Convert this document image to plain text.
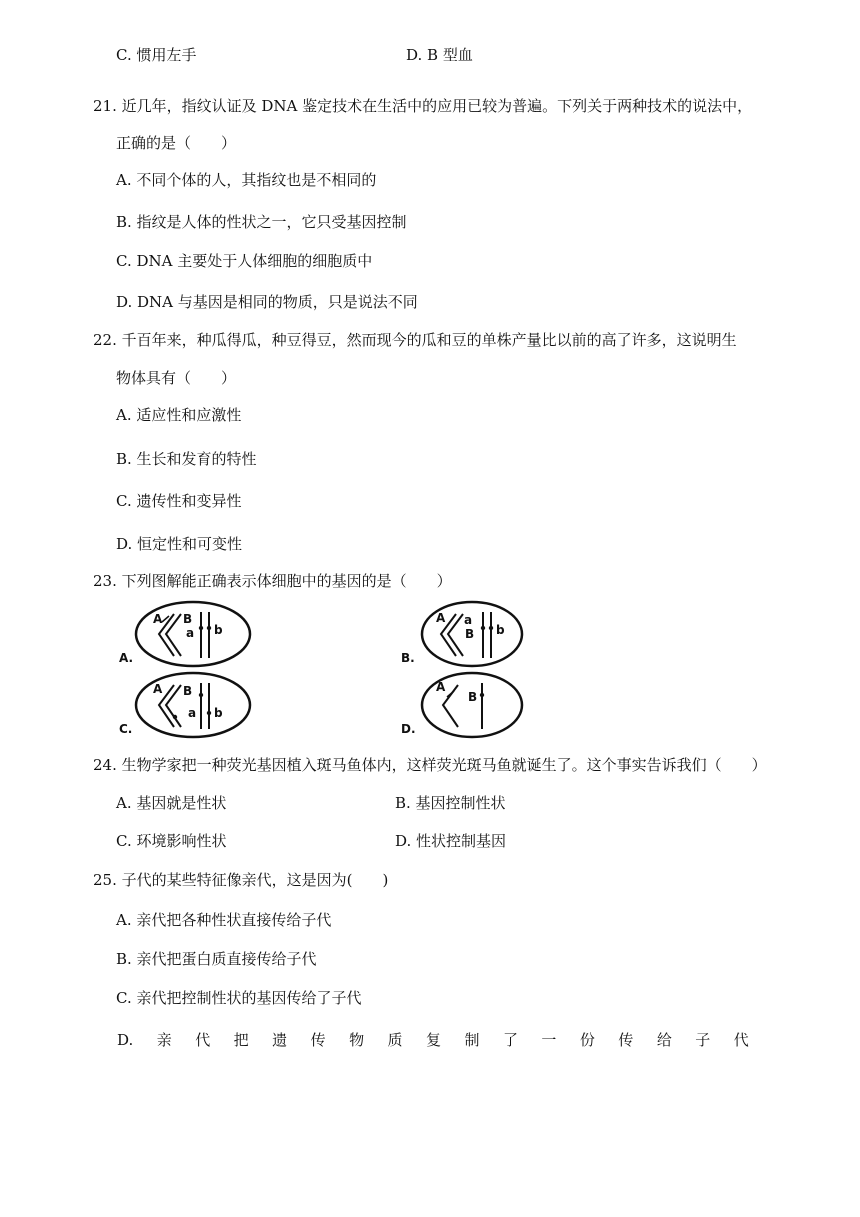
C. 惯用左手	D. B 型血
21. 近几年，指纹认证及 DNA 鉴定技术在生活中的应用已较为普遍。下列关于两种技术的说法中，
正确的是（　　）
A. 不同个体的人，其指纹也是不相同的
B. 指纹是人体的性状之一，它只受基因控制
C. DNA 主要处于人体细胞的细胞质中
D. DNA 与基因是相同的物质，只是说法不同
22. 千百年来，种瓜得瓜，种豆得豆，然而现今的瓜和豆的单株产量比以前的高了许多，这说明生
物体具有（　　）
A. 适应性和应激性
B. 生长和发育的特性
C. 遗传性和变异性
D. 恒定性和可变性
23. 下列图解能正确表示体细胞中的基因的是（　　）
A B
a b
A.
A a
B b
B.
A B
a b
C.
A
B
D.
24. 生物学家把一种荧光基因植入斑马鱼体内，这样荧光斑马鱼就诞生了。这个事实告诉我们（　　）
A. 基因就是性状	B. 基因控制性状
C. 环境影响性状	D. 性状控制基因
25. 子代的某些特征像亲代，这是因为(　　)
A. 亲代把各种性状直接传给子代
B. 亲代把蛋白质直接传给子代
C. 亲代把控制性状的基因传给了子代
D. 亲 代 把 遗 传 物 质 复 制 了 一 份 传 给 子 代
